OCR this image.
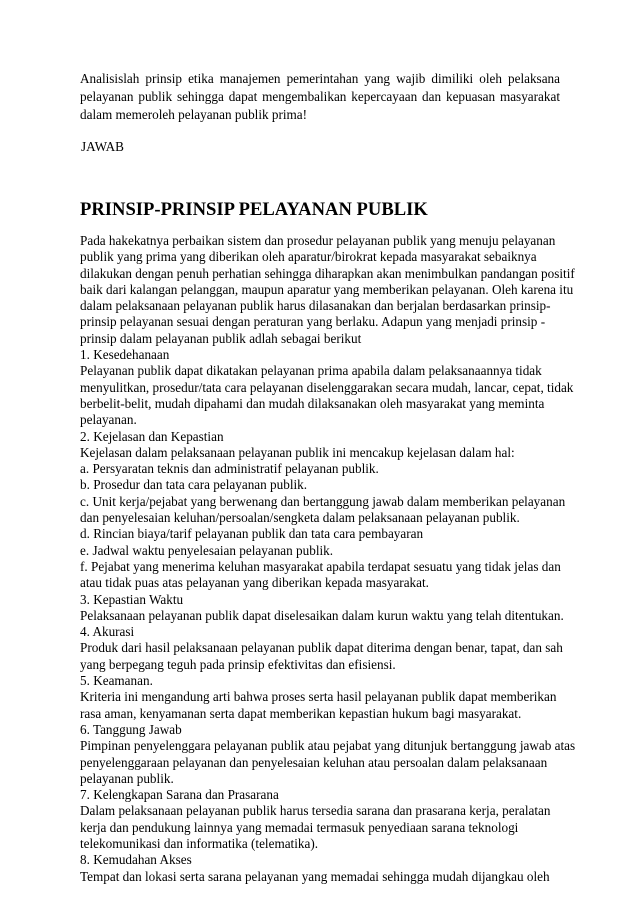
Analisislah prinsip etika manajemen pemerintahan yang wajib dimiliki oleh pelaksana pelayanan publik sehingga dapat mengembalikan kepercayaan dan kepuasan masyarakat dalam memeroleh pelayanan publik prima!
JAWAB
PRINSIP-PRINSIP PELAYANAN PUBLIK
Pada hakekatnya perbaikan sistem dan prosedur pelayanan publik yang menuju pelayanan
publik yang prima yang diberikan oleh aparatur/birokrat kepada masyarakat sebaiknya
dilakukan dengan penuh perhatian sehingga diharapkan akan menimbulkan pandangan positif
baik dari kalangan pelanggan, maupun aparatur yang memberikan pelayanan. Oleh karena itu
dalam pelaksanaan pelayanan publik harus dilasanakan dan berjalan berdasarkan prinsip-
prinsip pelayanan sesuai dengan peraturan yang berlaku. Adapun yang menjadi prinsip -
prinsip dalam pelayanan publik adlah sebagai berikut
1. Kesedehanaan
Pelayanan publik dapat dikatakan pelayanan prima apabila dalam pelaksanaannya tidak
menyulitkan, prosedur/tata cara pelayanan diselenggarakan secara mudah, lancar, cepat, tidak
berbelit-belit, mudah dipahami dan mudah dilaksanakan oleh masyarakat yang meminta
pelayanan.
2. Kejelasan dan Kepastian
Kejelasan dalam pelaksanaan pelayanan publik ini mencakup kejelasan dalam hal:
a. Persyaratan teknis dan administratif pelayanan publik.
b. Prosedur dan tata cara pelayanan publik.
c. Unit kerja/pejabat yang berwenang dan bertanggung jawab dalam memberikan pelayanan
dan penyelesaian keluhan/persoalan/sengketa dalam pelaksanaan pelayanan publik.
d. Rincian biaya/tarif pelayanan publik dan tata cara pembayaran
e. Jadwal waktu penyelesaian pelayanan publik.
f. Pejabat yang menerima keluhan masyarakat apabila terdapat sesuatu yang tidak jelas dan
atau tidak puas atas pelayanan yang diberikan kepada masyarakat.
3. Kepastian Waktu
Pelaksanaan pelayanan publik dapat diselesaikan dalam kurun waktu yang telah ditentukan.
4. Akurasi
Produk dari hasil pelaksanaan pelayanan publik dapat diterima dengan benar, tapat, dan sah
yang berpegang teguh pada prinsip efektivitas dan efisiensi.
5. Keamanan.
Kriteria ini mengandung arti bahwa proses serta hasil pelayanan publik dapat memberikan
rasa aman, kenyamanan serta dapat memberikan kepastian hukum bagi masyarakat.
6. Tanggung Jawab
Pimpinan penyelenggara pelayanan publik atau pejabat yang ditunjuk bertanggung jawab atas
penyelenggaraan pelayanan dan penyelesaian keluhan atau persoalan dalam pelaksanaan
pelayanan publik.
7. Kelengkapan Sarana dan Prasarana
Dalam pelaksanaan pelayanan publik harus tersedia sarana dan prasarana kerja, peralatan
kerja dan pendukung lainnya yang memadai termasuk penyediaan sarana teknologi
telekomunikasi dan informatika (telematika).
8. Kemudahan Akses
Tempat dan lokasi serta sarana pelayanan yang memadai sehingga mudah dijangkau oleh
